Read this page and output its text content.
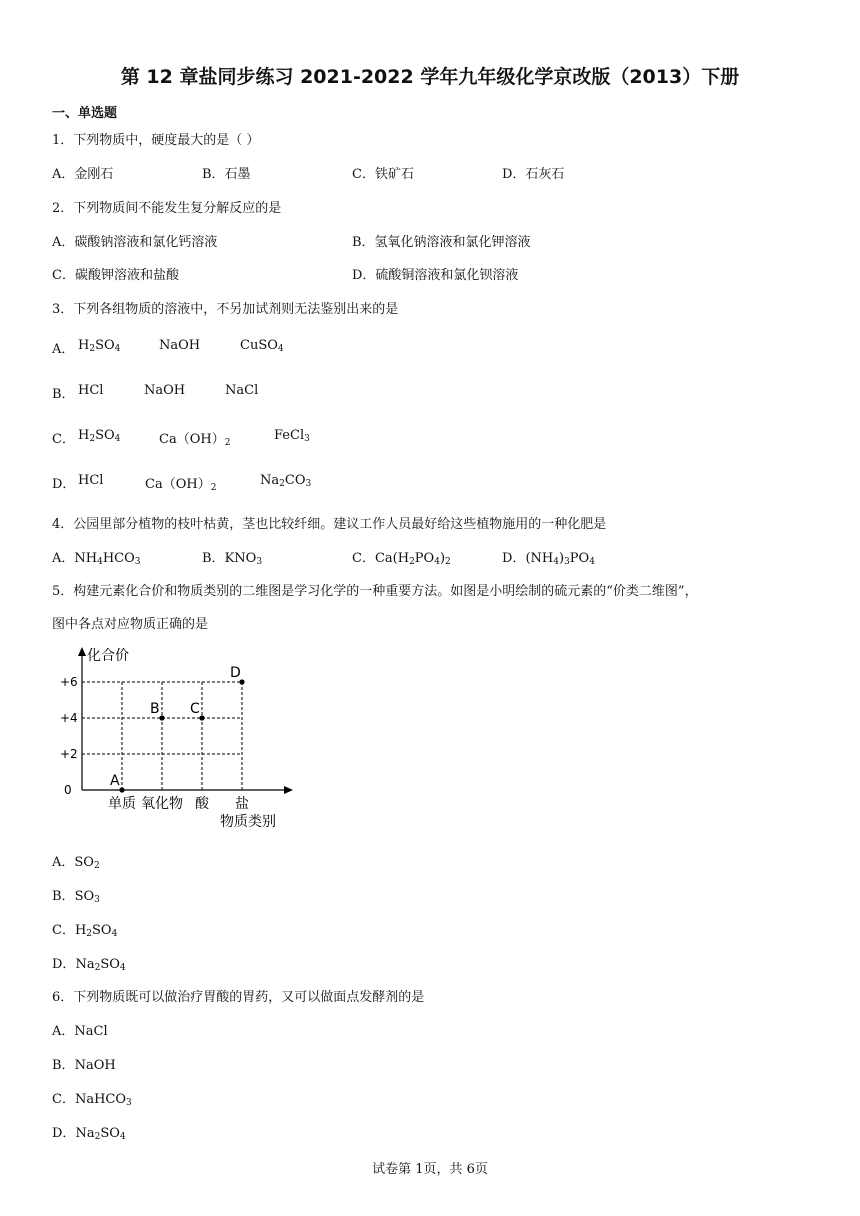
第 12 章盐同步练习 2021-2022 学年九年级化学京改版（2013）下册
一、单选题
1．下列物质中，硬度最大的是（ ）
A．金刚石	B．石墨	C．铁矿石	D．石灰石
2．下列物质间不能发生复分解反应的是
A．碳酸钠溶液和氯化钙溶液	B．氢氧化钠溶液和氯化钾溶液
C．碳酸钾溶液和盐酸	D．硫酸铜溶液和氯化钡溶液
3．下列各组物质的溶液中，不另加试剂则无法鉴别出来的是
A． $H_2SO_4$	NaOH	CuSO$_4$
B． HCl	NaOH	NaCl
C． $H_2SO_4$	$Ca(OH)_2$	FeCl$_3$
D． HCl	$Ca(OH)_2$	$Na_2CO_3$
4．公园里部分植物的枝叶枯黄，茎也比较纤细。建议工作人员最好给这些植物施用的一种化肥是
A．$NH_4HCO_3$	B．$KNO_3$	C．$Ca(H_2PO_4)_2$	D．$(NH_4)_3PO_4$
5．构建元素化合价和物质类别的二维图是学习化学的一种重要方法。如图是小明绘制的硫元素的“价类二维图”，
图中各点对应物质正确的是
化合价
+6
+4
+2
0
单质 氧化物 酸 盐
物质类别
A
B C
D
A．$SO_2$
B．$SO_3$
C．$H_2SO_4$
D．$Na_2SO_4$
6．下列物质既可以做治疗胃酸的胃药，又可以做面点发酵剂的是
A．NaCl
B．NaOH
C．NaHCO$_3$
D．$Na_2SO_4$
试卷第 1页，共 6页
